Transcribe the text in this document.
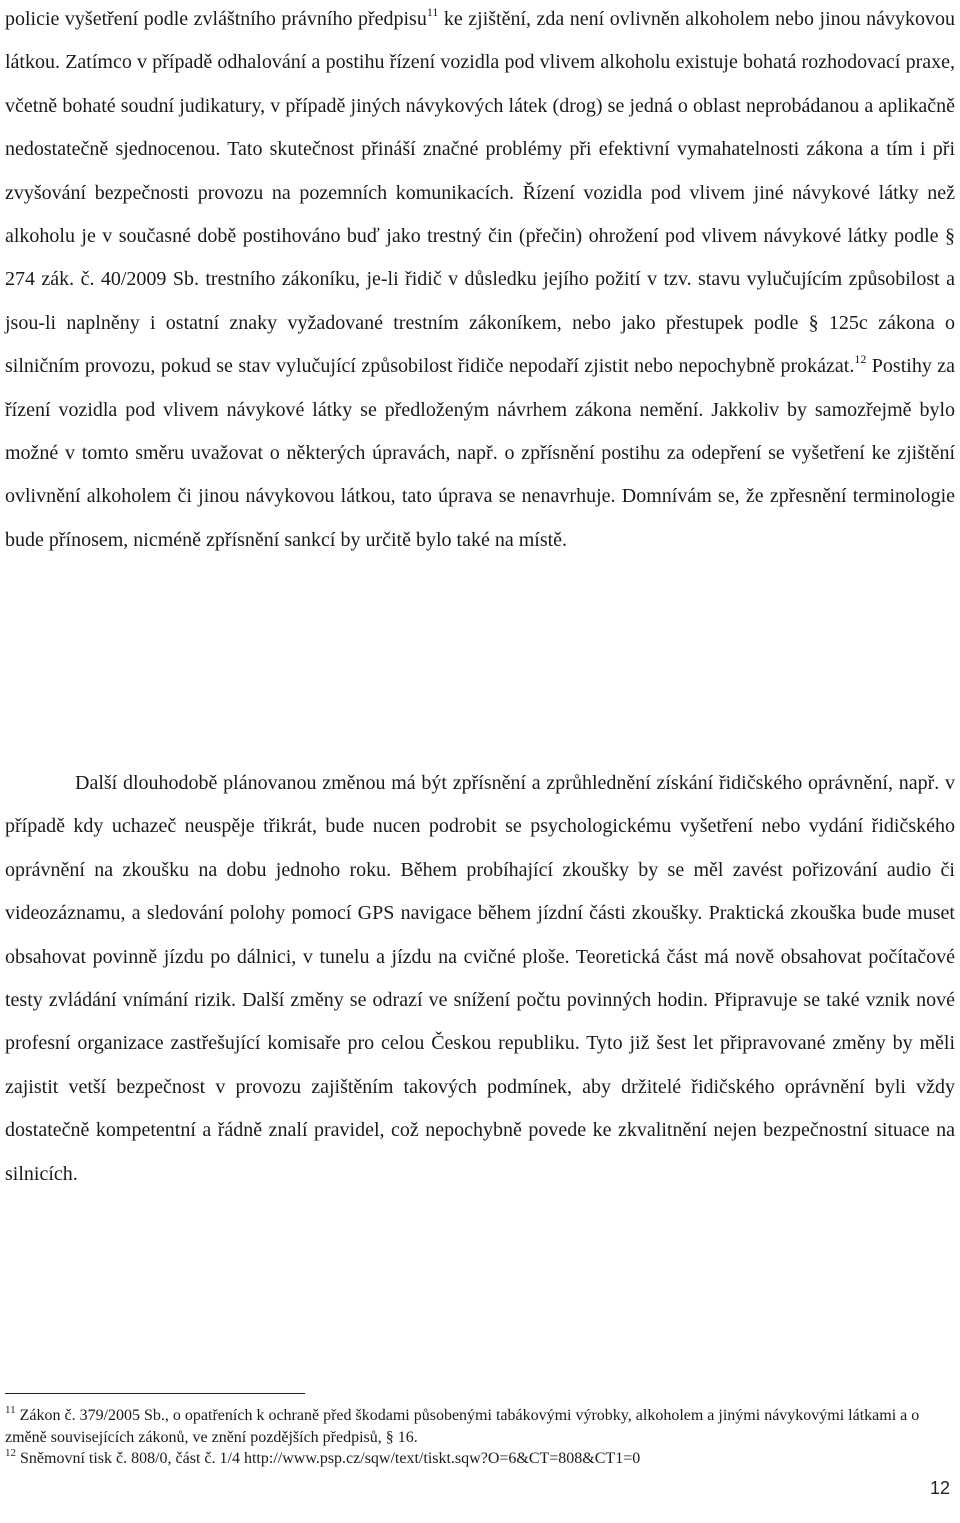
policie vyšetření podle zvláštního právního předpisu$^{11}$ ke zjištění, zda není ovlivněn alkoholem nebo jinou návykovou látkou. Zatímco v případě odhalování a postihu řízení vozidla pod vlivem alkoholu existuje bohatá rozhodovací praxe, včetně bohaté soudní judikatury, v případě jiných návykových látek (drog) se jedná o oblast neprobádanou a aplikačně nedostatečně sjednocenou. Tato skutečnost přináší značné problémy při efektivní vymahatelnosti zákona a tím i při zvyšování bezpečnosti provozu na pozemních komunikacích. Řízení vozidla pod vlivem jiné návykové látky než alkoholu je v současné době postihováno buď jako trestný čin (přečin) ohrožení pod vlivem návykové látky podle § 274 zák. č. 40/2009 Sb. trestního zákoníku, je-li řidič v důsledku jejího požití v tzv. stavu vylučujícím způsobilost a jsou-li naplněny i ostatní znaky vyžadované trestním zákoníkem, nebo jako přestupek podle § 125c zákona o silničním provozu, pokud se stav vylučující způsobilost řidiče nepodaří zjistit nebo nepochybně prokázat.$^{12}$ Postihy za řízení vozidla pod vlivem návykové látky se předloženým návrhem zákona nemění. Jakkoliv by samozřejmě bylo možné v tomto směru uvažovat o některých úpravách, např. o zpřísnění postihu za odepření se vyšetření ke zjištění ovlivnění alkoholem či jinou návykovou látkou, tato úprava se nenavrhuje. Domnívám se, že zpřesnění terminologie bude přínosem, nicméně zpřísnění sankcí by určitě bylo také na místě.

Další dlouhodobě plánovanou změnou má být zpřísnění a zprůhlednění získání řidičského oprávnění, např. v případě kdy uchazeč neuspěje třikrát, bude nucen podrobit se psychologickému vyšetření nebo vydání řidičského oprávnění na zkoušku na dobu jednoho roku. Během probíhající zkoušky by se měl zavést pořizování audio či videozáznamu, a sledování polohy pomocí GPS navigace během jízdní části zkoušky. Praktická zkouška bude muset obsahovat povinně jízdu po dálnici, v tunelu a jízdu na cvičné ploše. Teoretická část má nově obsahovat počítačové testy zvládání vnímání rizik. Další změny se odrazí ve snížení počtu povinných hodin. Připravuje se také vznik nové profesní organizace zastřešující komisaře pro celou Českou republiku. Tyto již šest let připravované změny by měli zajistit vetší bezpečnost v provozu zajištěním takových podmínek, aby držitelé řidičského oprávnění byli vždy dostatečně kompetentní a řádně znalí pravidel, což nepochybně povede ke zkvalitnění nejen bezpečnostní situace na silnicích.

$^{11}$ Zákon č. 379/2005 Sb., o opatřeních k ochraně před škodami působenými tabákovými výrobky, alkoholem a jinými návykovými látkami a o změně souvisejících zákonů, ve znění pozdějších předpisů, § 16.

$^{12}$ Sněmovní tisk č. 808/0, část č. 1/4 http://www.psp.cz/sqw/text/tiskt.sqw?O=6&CT=808&CT1=0

12
